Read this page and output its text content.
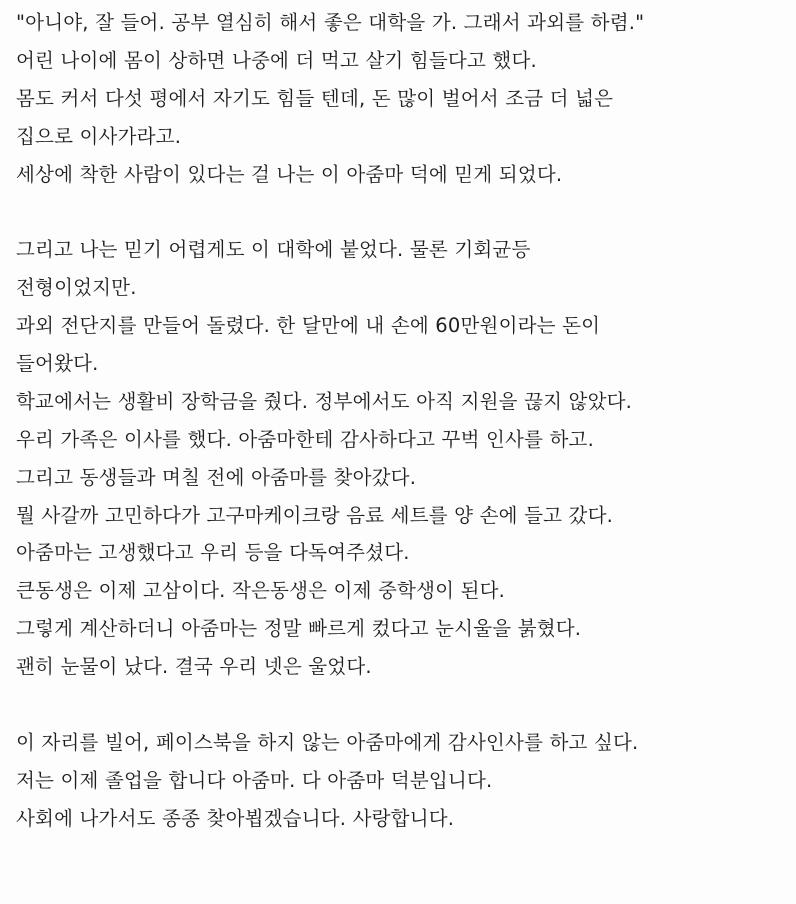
"아니야, 잘 들어. 공부 열심히 해서 좋은 대학을 가. 그래서 과외를 하렴."
어린 나이에 몸이 상하면 나중에 더 먹고 살기 힘들다고 했다.
몸도 커서 다섯 평에서 자기도 힘들 텐데, 돈 많이 벌어서 조금 더 넓은
집으로 이사가라고.
세상에 착한 사람이 있다는 걸 나는 이 아줌마 덕에 믿게 되었다.
그리고 나는 믿기 어렵게도 이 대학에 붙었다. 물론 기회균등
전형이었지만.
과외 전단지를 만들어 돌렸다. 한 달만에 내 손에 60만원이라는 돈이
들어왔다.
학교에서는 생활비 장학금을 줬다. 정부에서도 아직 지원을 끊지 않았다.
우리 가족은 이사를 했다. 아줌마한테 감사하다고 꾸벅 인사를 하고.
그리고 동생들과 며칠 전에 아줌마를 찾아갔다.
뭘 사갈까 고민하다가 고구마케이크랑 음료 세트를 양 손에 들고 갔다.
아줌마는 고생했다고 우리 등을 다독여주셨다.
큰동생은 이제 고삼이다. 작은동생은 이제 중학생이 된다.
그렇게 계산하더니 아줌마는 정말 빠르게 컸다고 눈시울을 붉혔다.
괜히 눈물이 났다. 결국 우리 넷은 울었다.
이 자리를 빌어, 페이스북을 하지 않는 아줌마에게 감사인사를 하고 싶다.
저는 이제 졸업을 합니다 아줌마. 다 아줌마 덕분입니다.
사회에 나가서도 종종 찾아뵙겠습니다. 사랑합니다.
